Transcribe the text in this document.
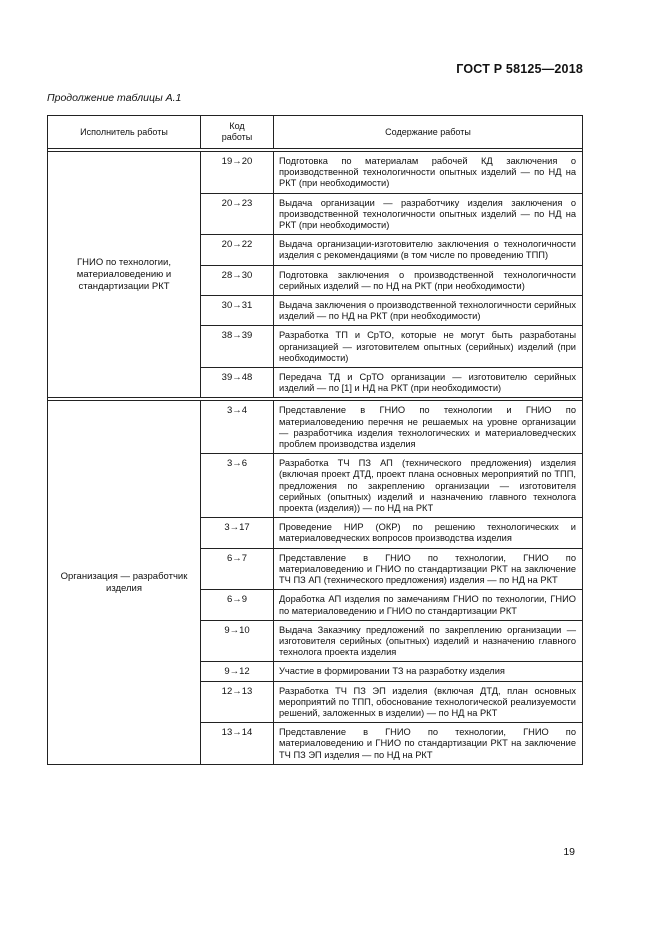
ГОСТ Р 58125—2018
Продолжение таблицы А.1
Исполнитель работы	Код работы	Содержание работы

ГНИО по технологии, материаловедению и стандартизации РКТ	19→20	Подготовка по материалам рабочей КД заключения о производственной технологичности опытных изделий — по НД на РКТ (при необходимости)
	20→23	Выдача организации — разработчику изделия заключения о производственной технологичности опытных изделий — по НД на РКТ (при необходимости)
	20→22	Выдача организации-изготовителю заключения о технологичности изделия с рекомендациями (в том числе по проведению ТПП)
	28→30	Подготовка заключения о производственной технологичности серийных изделий — по НД на РКТ (при необходимости)
	30→31	Выдача заключения о производственной технологичности серийных изделий — по НД на РКТ (при необходимости)
	38→39	Разработка ТП и СрТО, которые не могут быть разработаны организацией — изготовителем опытных (серийных) изделий (при необходимости)
	39→48	Передача ТД и СрТО организации — изготовителю серийных изделий — по [1] и НД на РКТ (при необходимости)

Организация — разработчик изделия	3→4	Представление в ГНИО по технологии и ГНИО по материаловедению перечня не решаемых на уровне организации — разработчика изделия технологических и материаловедческих проблем производства изделия
	3→6	Разработка ТЧ ПЗ АП (технического предложения) изделия (включая проект ДТД, проект плана основных мероприятий по ТПП, предложения по закреплению организации — изготовителя серийных (опытных) изделий и назначению главного технолога проекта (изделия)) — по НД на РКТ
	3→17	Проведение НИР (ОКР) по решению технологических и материаловедческих вопросов производства изделия
	6→7	Представление в ГНИО по технологии, ГНИО по материаловедению и ГНИО по стандартизации РКТ на заключение ТЧ ПЗ АП (технического предложения) изделия — по НД на РКТ
	6→9	Доработка АП изделия по замечаниям ГНИО по технологии, ГНИО по материаловедению и ГНИО по стандартизации РКТ
	9→10	Выдача Заказчику предложений по закреплению организации — изготовителя серийных (опытных) изделий и назначению главного технолога проекта изделия
	9→12	Участие в формировании ТЗ на разработку изделия
	12→13	Разработка ТЧ ПЗ ЭП изделия (включая ДТД, план основных мероприятий по ТПП, обоснование технологической реализуемости решений, заложенных в изделии) — по НД на РКТ
	13→14	Представление в ГНИО по технологии, ГНИО по материаловедению и ГНИО по стандартизации РКТ на заключение ТЧ ПЗ ЭП изделия — по НД на РКТ
19
